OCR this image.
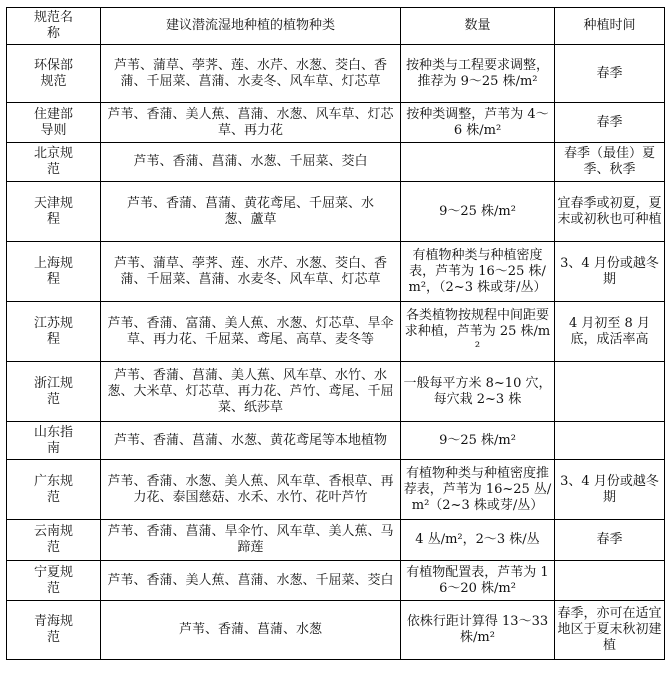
规范名称	建议潜流湿地种植的植物种类	数量	种植时间
环保部规范	芦苇、蒲草、荸荠、莲、水芹、水葱、茭白、香蒲、千屈菜、菖蒲、水麦冬、风车草、灯芯草	按种类与工程要求调整，推荐为 9～25 株/m²	春季
住建部导则	芦苇、香蒲、美人蕉、菖蒲、水葱、风车草、灯芯草、再力花	按种类调整，芦苇为 4～6 株/m²	春季
北京规范	芦苇、香蒲、菖蒲、水葱、千屈菜、茭白		春季（最佳）夏季、秋季
天津规程	芦苇、香蒲、菖蒲、黄花鸢尾、千屈菜、水葱、蘆草	9～25 株/m²	宜春季或初夏，夏末或初秋也可种植
上海规程	芦苇、蒲草、荸荠、莲、水芹、水葱、茭白、香蒲、千屈菜、菖蒲、水麦冬、风车草、灯芯草	有植物种类与种植密度表，芦苇为 16～25 株/m²，（2~3 株或芽/丛）	3、4 月份或越冬期
江苏规程	芦苇、香蒲、富蒲、美人蕉、水葱、灯芯草、旱伞草、再力花、千屈菜、鸢尾、高草、麦冬等	各类植物按规程中间距要求种植，芦苇为 25 株/m²	4 月初至 8 月底，成活率高
浙江规范	芦苇、香蒲、菖蒲、美人蕉、风车草、水竹、水葱、大米草、灯芯草、再力花、芦竹、鸢尾、千屈菜、纸莎草	一般每平方米 8~10 穴，每穴栽 2~3 株	
山东指南	芦苇、香蒲、菖蒲、水葱、黄花鸢尾等本地植物	9～25 株/m²	
广东规范	芦苇、香蒲、水葱、美人蕉、风车草、香根草、再力花、泰国慈菇、水禾、水竹、花叶芦竹	有植物种类与种植密度推荐表，芦苇为 16~25 丛/m²（2~3 株或芽/丛）	3、4 月份或越冬期
云南规范	芦苇、香蒲、菖蒲、旱伞竹、风车草、美人蕉、马蹄莲	4 丛/m²，2～3 株/丛	春季
宁夏规范	芦苇、香蒲、美人蕉、菖蒲、水葱、千屈菜、茭白	有植物配置表，芦苇为 16～20 株/m²	
青海规范	芦苇、香蒲、菖蒲、水葱	依株行距计算得 13～33 株/m²	春季，亦可在适宜地区于夏末秋初建植
